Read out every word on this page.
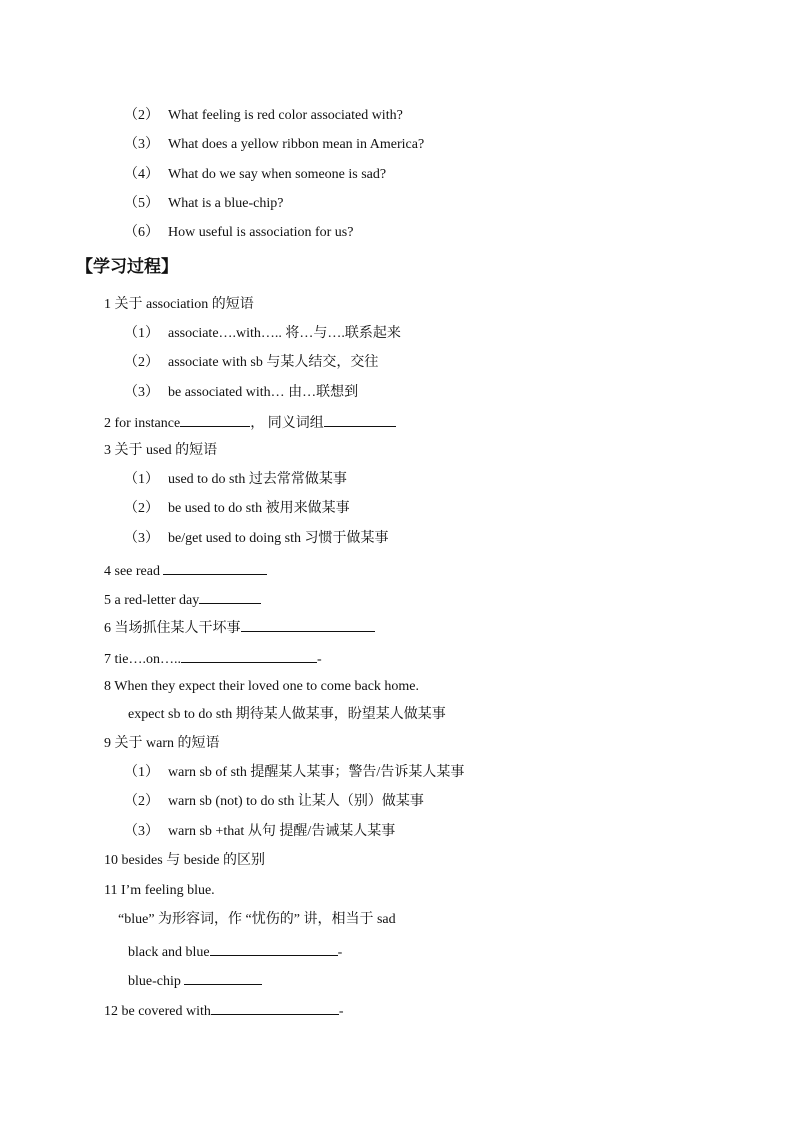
（2） What feeling is red color associated with?
（3） What does a yellow ribbon mean in America?
（4） What do we say when someone is sad?
（5） What is a blue-chip?
（6） How useful is association for us?
【学习过程】
1 关于 association 的短语
（1） associate….with….. 将…与….联系起来
（2） associate with sb 与某人结交，交往
（3） be associated with… 由…联想到
2 for instance	， 同义词组
3 关于 used 的短语
（1） used to do sth 过去常常做某事
（2） be used to do sth 被用来做某事
（3） be/get used to doing sth 习惯于做某事
4 see read
5 a red-letter day
6 当场抓住某人干坏事
7 tie….on…..	-
8 When they expect their loved one to come back home.
expect sb to do sth 期待某人做某事，盼望某人做某事
9 关于 warn 的短语
（1） warn sb of sth 提醒某人某事；警告/告诉某人某事
（2） warn sb (not) to do sth 让某人（别）做某事
（3） warn sb +that 从句 提醒/告诫某人某事
10 besides 与 beside 的区别
11 I’m feeling blue.
“blue” 为形容词，作 “忧伤的” 讲，相当于 sad
black and blue	-
blue-chip
12 be covered with	-
